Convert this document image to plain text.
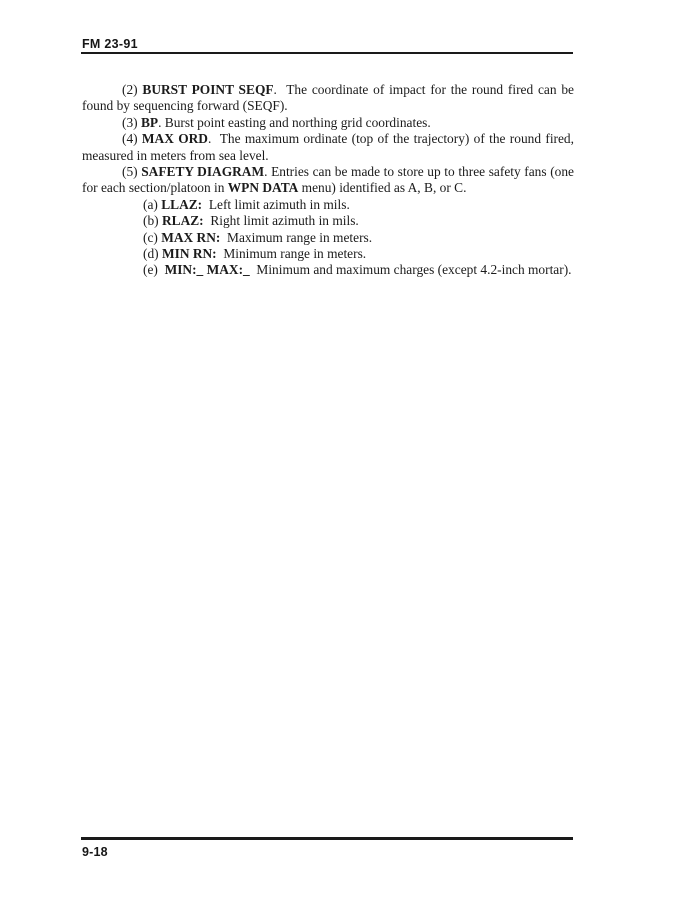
FM 23-91

(2) BURST POINT SEQF.  The coordinate of impact for the round fired can be found by sequencing forward (SEQF).

(3) BP. Burst point easting and northing grid coordinates.

(4) MAX ORD.  The maximum ordinate (top of the trajectory) of the round fired, measured in meters from sea level.

(5) SAFETY DIAGRAM. Entries can be made to store up to three safety fans (one for each section/platoon in WPN DATA menu) identified as A, B, or C.

(a) LLAZ:  Left limit azimuth in mils.

(b) RLAZ:  Right limit azimuth in mils.

(c) MAX RN:  Maximum range in meters.

(d) MIN RN:  Minimum range in meters.

(e)  MIN:_ MAX:_  Minimum and maximum charges (except 4.2-inch mortar).

9-18
